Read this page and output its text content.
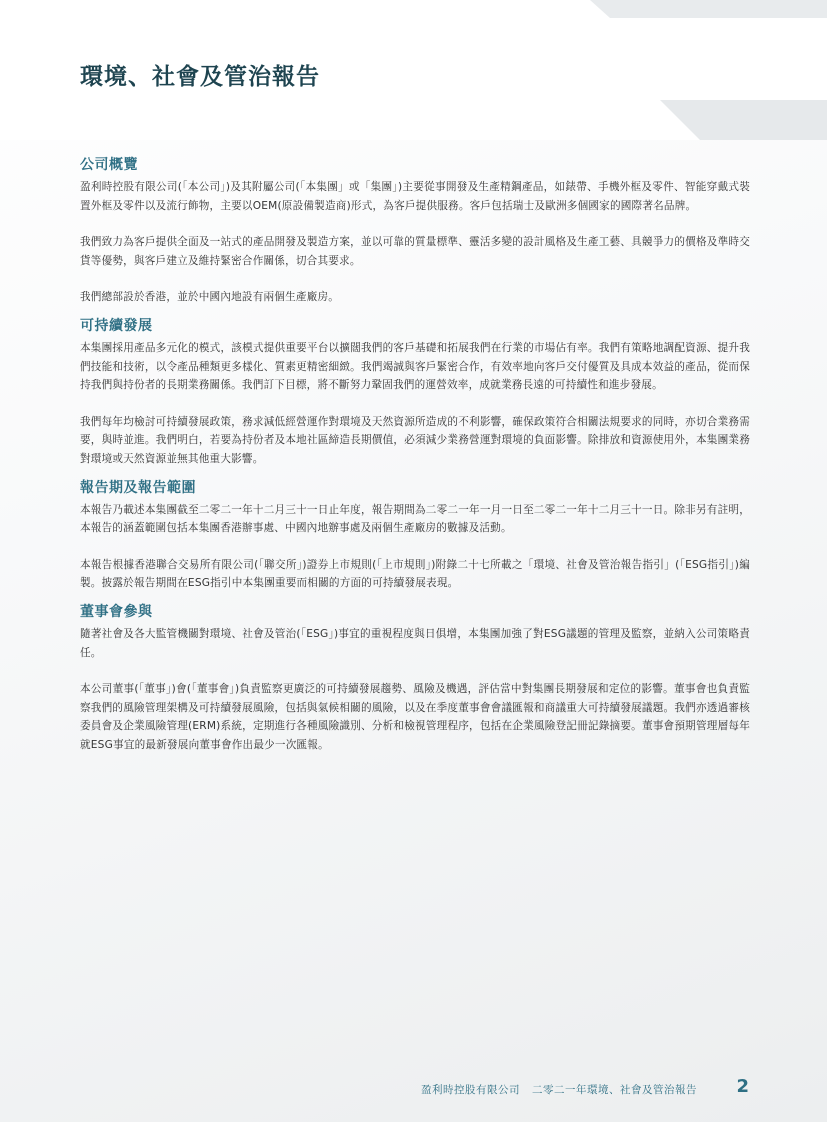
環境、社會及管治報告
公司概覽

盈利時控股有限公司(「本公司」)及其附屬公司(「本集團」或「集團」)主要從事開發及生產精鋼產品，如錶帶、手機外框及零件、智能穿戴式裝置外框及零件以及流行飾物，主要以OEM(原設備製造商)形式，為客戶提供服務。客戶包括瑞士及歐洲多個國家的國際著名品牌。

我們致力為客戶提供全面及一站式的產品開發及製造方案，並以可靠的質量標準、靈活多變的設計風格及生產工藝、具競爭力的價格及準時交貨等優勢，與客戶建立及維持緊密合作關係，切合其要求。

我們總部設於香港，並於中國內地設有兩個生產廠房。

可持續發展

本集團採用產品多元化的模式，該模式提供重要平台以擴闊我們的客戶基礎和拓展我們在行業的市場佔有率。我們有策略地調配資源、提升我們技能和技術，以令產品種類更多樣化、質素更精密細緻。我們竭誠與客戶緊密合作，有效率地向客戶交付優質及具成本效益的產品，從而保持我們與持份者的長期業務關係。我們訂下目標，將不斷努力鞏固我們的運營效率，成就業務長遠的可持續性和進步發展。

我們每年均檢討可持續發展政策，務求減低經營運作對環境及天然資源所造成的不利影響，確保政策符合相關法規要求的同時，亦切合業務需要，與時並進。我們明白，若要為持份者及本地社區締造長期價值，必須減少業務營運對環境的負面影響。除排放和資源使用外，本集團業務對環境或天然資源並無其他重大影響。

報告期及報告範圍

本報告乃載述本集團截至二零二一年十二月三十一日止年度，報告期間為二零二一年一月一日至二零二一年十二月三十一日。除非另有註明，本報告的涵蓋範圍包括本集團香港辦事處、中國內地辦事處及兩個生產廠房的數據及活動。

本報告根據香港聯合交易所有限公司(「聯交所」)證券上市規則(「上市規則」)附錄二十七所載之「環境、社會及管治報告指引」(「ESG指引」)編製。披露於報告期間在ESG指引中本集團重要而相關的方面的可持續發展表現。

董事會參與

隨著社會及各大監管機關對環境、社會及管治(「ESG」)事宜的重視程度與日俱增，本集團加強了對ESG議題的管理及監察，並納入公司策略責任。

本公司董事(「董事」)會(「董事會」)負責監察更廣泛的可持續發展趨勢、風險及機遇，評估當中對集團長期發展和定位的影響。董事會也負責監察我們的風險管理架構及可持續發展風險，包括與氣候相關的風險，以及在季度董事會會議匯報和商議重大可持續發展議題。我們亦透過審核委員會及企業風險管理(ERM)系統，定期進行各種風險識別、分析和檢視管理程序，包括在企業風險登記冊記錄摘要。董事會預期管理層每年就ESG事宜的最新發展向董事會作出最少一次匯報。

盈利時控股有限公司 二零二一年環境、社會及管治報告 2
